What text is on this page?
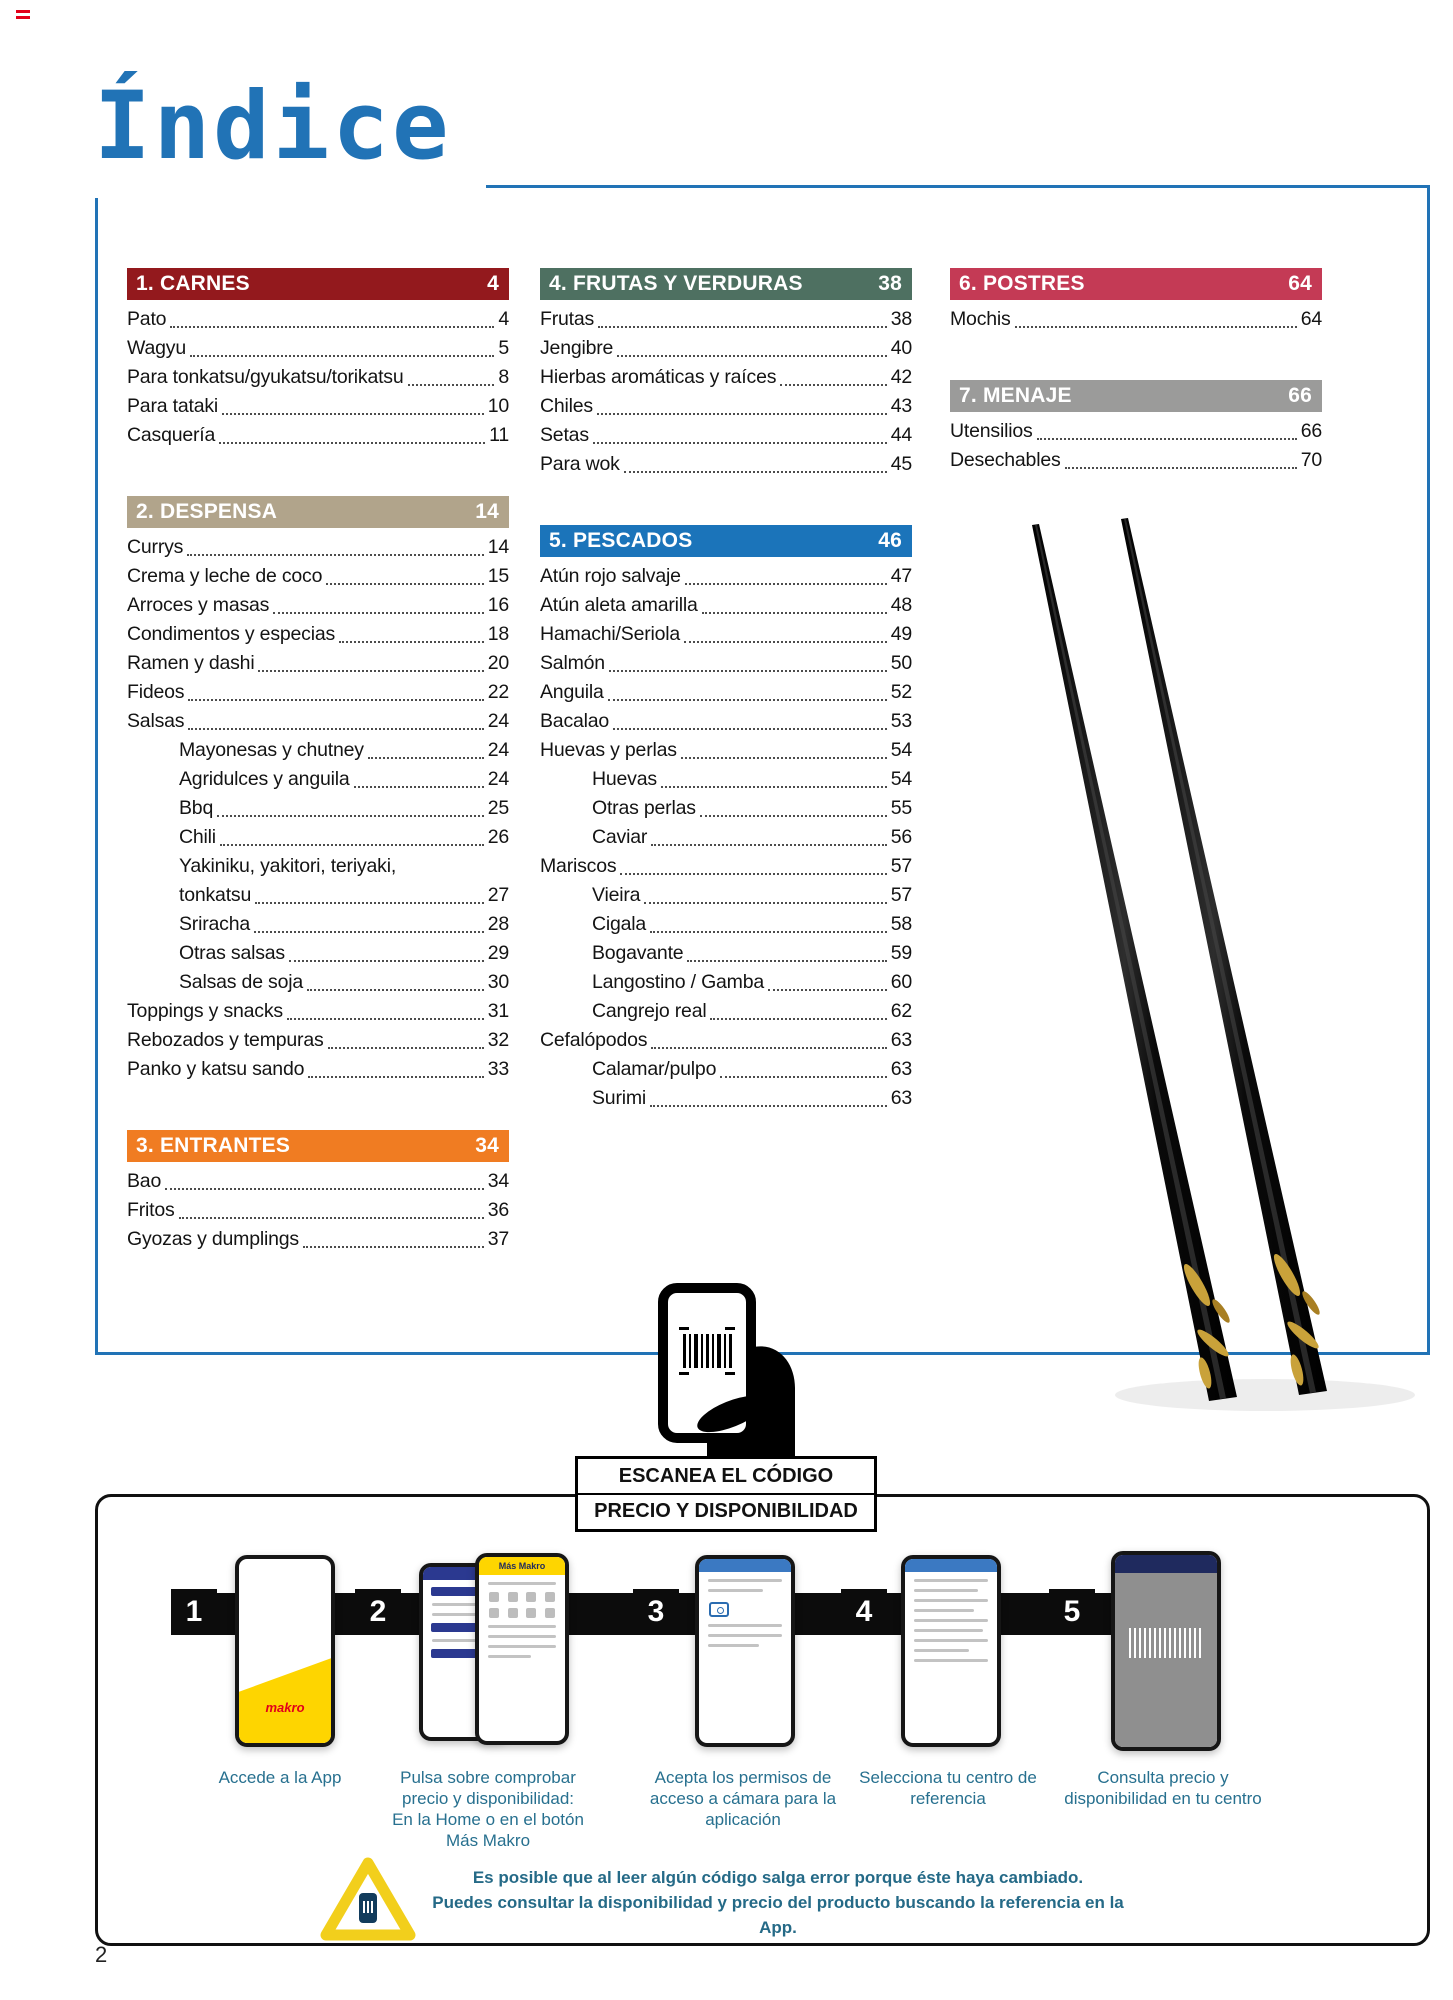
Índice
1. CARNES	4
Pato	4
Wagyu	5
Para tonkatsu/gyukatsu/torikatsu	8
Para tataki	10
Casquería	11
2. DESPENSA	14
Currys	14
Crema y leche de coco	15
Arroces y masas	16
Condimentos y especias	18
Ramen y dashi	20
Fideos	22
Salsas	24
Mayonesas y chutney	24
Agridulces y anguila	24
Bbq	25
Chili	26
Yakiniku, yakitori, teriyaki,
tonkatsu	27
Sriracha	28
Otras salsas	29
Salsas de soja	30
Toppings y snacks	31
Rebozados y tempuras	32
Panko y katsu sando	33
3. ENTRANTES	34
Bao	34
Fritos	36
Gyozas y dumplings	37
4. FRUTAS Y VERDURAS	38
Frutas	38
Jengibre	40
Hierbas aromáticas y raíces	42
Chiles	43
Setas	44
Para wok	45
5. PESCADOS	46
Atún rojo salvaje	47
Atún aleta amarilla	48
Hamachi/Seriola	49
Salmón	50
Anguila	52
Bacalao	53
Huevas y perlas	54
Huevas	54
Otras perlas	55
Caviar	56
Mariscos	57
Vieira	57
Cigala	58
Bogavante	59
Langostino / Gamba	60
Cangrejo real	62
Cefalópodos	63
Calamar/pulpo	63
Surimi	63
6. POSTRES	64
Mochis	64
7. MENAJE	66
Utensilios	66
Desechables	70
ESCANEA EL CÓDIGO
PRECIO Y DISPONIBILIDAD
1	2	3	4	5
makro
Más Makro
Accede a la App	Pulsa sobre comprobar precio y disponibilidad: En la Home o en el botón Más Makro
Acepta los permisos de acceso a cámara para la aplicación
Selecciona tu centro de referencia
Consulta precio y disponibilidad en tu centro
Es posible que al leer algún código salga error porque éste haya cambiado.
Puedes consultar la disponibilidad y precio del producto buscando la referencia en la App.
2
